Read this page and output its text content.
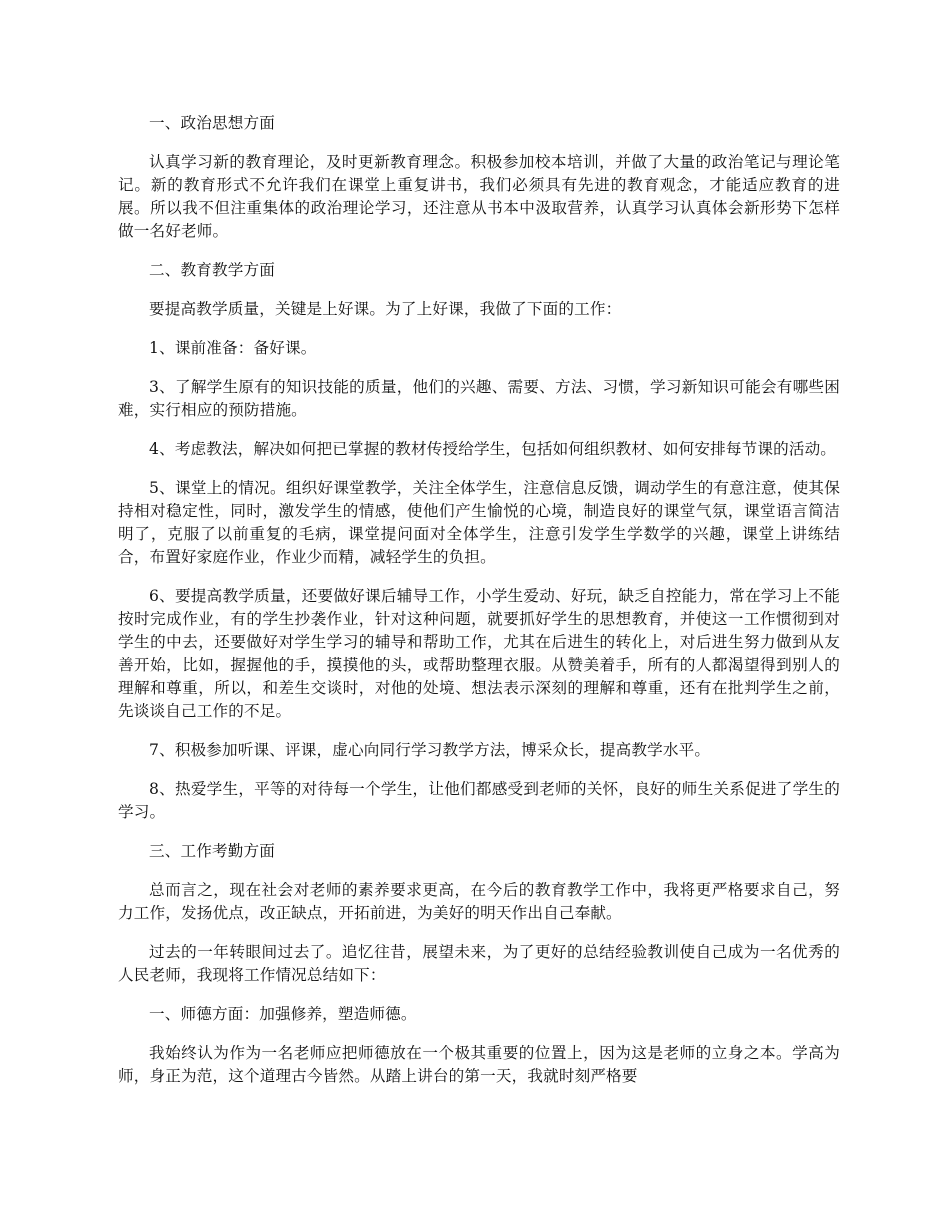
一、政治思想方面

认真学习新的教育理论，及时更新教育理念。积极参加校本培训，并做了大量的政治笔记与理论笔记。新的教育形式不允许我们在课堂上重复讲书，我们必须具有先进的教育观念，才能适应教育的进展。所以我不但注重集体的政治理论学习，还注意从书本中汲取营养，认真学习认真体会新形势下怎样做一名好老师。

二、教育教学方面

要提高教学质量，关键是上好课。为了上好课，我做了下面的工作：

1、课前准备：备好课。

3、了解学生原有的知识技能的质量，他们的兴趣、需要、方法、习惯，学习新知识可能会有哪些困难，实行相应的预防措施。

4、考虑教法，解决如何把已掌握的教材传授给学生，包括如何组织教材、如何安排每节课的活动。

5、课堂上的情况。组织好课堂教学，关注全体学生，注意信息反馈，调动学生的有意注意，使其保持相对稳定性，同时，激发学生的情感，使他们产生愉悦的心境，制造良好的课堂气氛，课堂语言简洁明了，克服了以前重复的毛病，课堂提问面对全体学生，注意引发学生学数学的兴趣，课堂上讲练结合，布置好家庭作业，作业少而精，减轻学生的负担。

6、要提高教学质量，还要做好课后辅导工作，小学生爱动、好玩，缺乏自控能力，常在学习上不能按时完成作业，有的学生抄袭作业，针对这种问题，就要抓好学生的思想教育，并使这一工作惯彻到对学生的中去，还要做好对学生学习的辅导和帮助工作，尤其在后进生的转化上，对后进生努力做到从友善开始，比如，握握他的手，摸摸他的头，或帮助整理衣服。从赞美着手，所有的人都渴望得到别人的理解和尊重，所以，和差生交谈时，对他的处境、想法表示深刻的理解和尊重，还有在批判学生之前，先谈谈自己工作的不足。

7、积极参加听课、评课，虚心向同行学习教学方法，博采众长，提高教学水平。

8、热爱学生，平等的对待每一个学生，让他们都感受到老师的关怀，良好的师生关系促进了学生的学习。

三、工作考勤方面

总而言之，现在社会对老师的素养要求更高，在今后的教育教学工作中，我将更严格要求自己，努力工作，发扬优点，改正缺点，开拓前进，为美好的明天作出自己奉献。

过去的一年转眼间过去了。追忆往昔，展望未来，为了更好的总结经验教训使自己成为一名优秀的人民老师，我现将工作情况总结如下：

一、师德方面：加强修养，塑造师德。

我始终认为作为一名老师应把师德放在一个极其重要的位置上，因为这是老师的立身之本。学高为师，身正为范，这个道理古今皆然。从踏上讲台的第一天，我就时刻严格要
